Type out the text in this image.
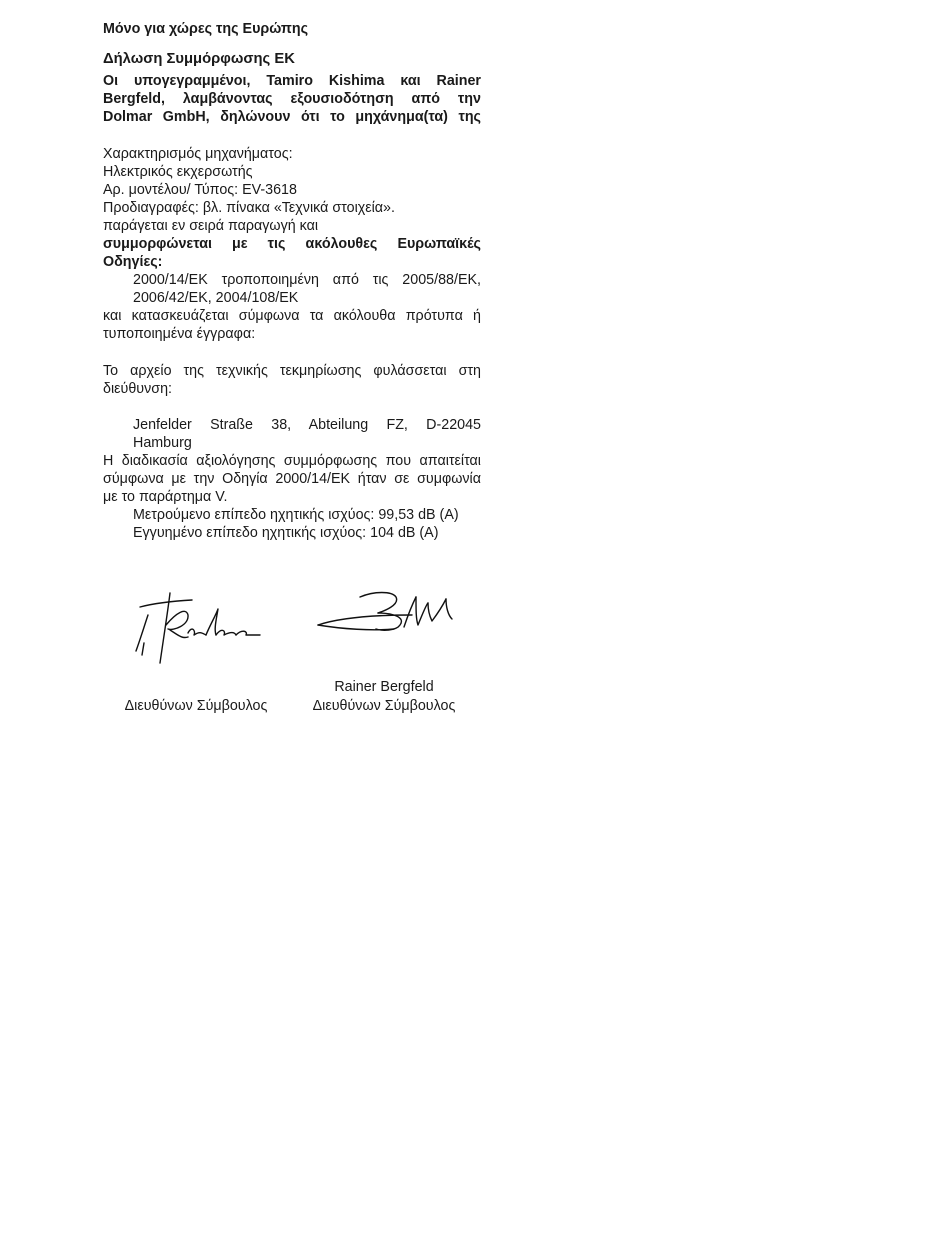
Μόνο για χώρες της Ευρώπης
Δήλωση Συμμόρφωσης ΕΚ
Οι υπογεγραμμένοι, Tamiro Kishima και Rainer
Bergfeld, λαμβάνοντας εξουσιοδότηση από την
Dolmar GmbH, δηλώνουν ότι το μηχάνημα(τα) της
Χαρακτηρισμός μηχανήματος:
Ηλεκτρικός εκχερσωτής
Αρ. μοντέλου/ Τύπος: EV-3618
Προδιαγραφές: βλ. πίνακα «Τεχνικά στοιχεία».
παράγεται εν σειρά παραγωγή και
συμμορφώνεται με τις ακόλουθες Ευρωπαϊκές
Οδηγίες:
2000/14/ΕΚ τροποποιημένη από τις 2005/88/ΕΚ,
2006/42/ΕΚ, 2004/108/ΕΚ
και κατασκευάζεται σύμφωνα τα ακόλουθα πρότυπα ή
τυποποιημένα έγγραφα:
Το αρχείο της τεχνικής τεκμηρίωσης φυλάσσεται στη
διεύθυνση:
Jenfelder Straße 38, Abteilung FZ, D-22045
Hamburg
Η διαδικασία αξιολόγησης συμμόρφωσης που απαιτείται
σύμφωνα με την Οδηγία 2000/14/ΕΚ ήταν σε συμφωνία
με το παράρτημα V.
Μετρούμενο επίπεδο ηχητικής ισχύος: 99,53 dB (A)
Εγγυημένο επίπεδο ηχητικής ισχύος: 104 dB (A)
Διευθύνων Σύμβουλος
Rainer Bergfeld
Διευθύνων Σύμβουλος
